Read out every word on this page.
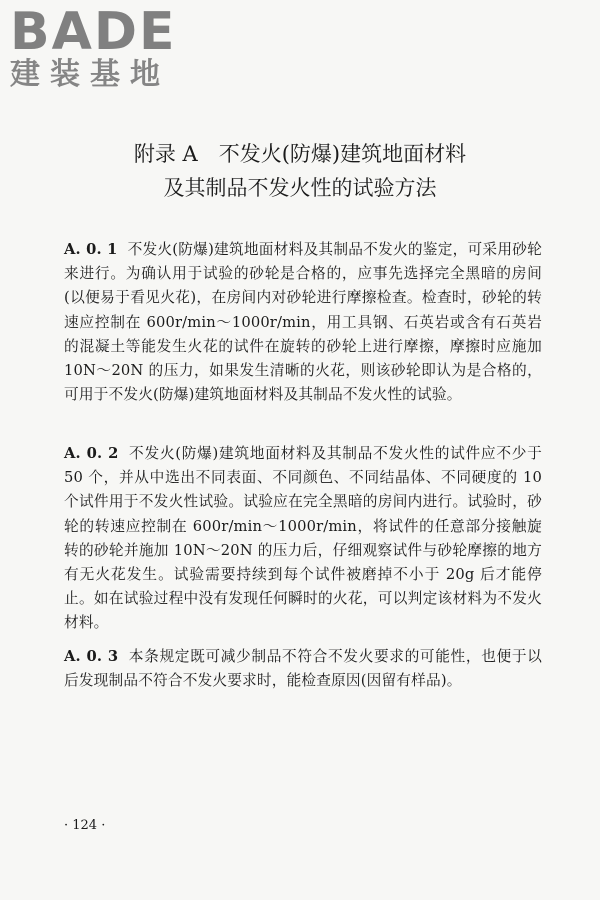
BADE
建装基地
附录 A　不发火(防爆)建筑地面材料
及其制品不发火性的试验方法
A. 0. 1 不发火(防爆)建筑地面材料及其制品不发火的鉴定，可采用砂轮来进行。为确认用于试验的砂轮是合格的，应事先选择完全黑暗的房间(以便易于看见火花)，在房间内对砂轮进行摩擦检查。检查时，砂轮的转速应控制在 600r/min～1000r/min，用工具钢、石英岩或含有石英岩的混凝土等能发生火花的试件在旋转的砂轮上进行摩擦，摩擦时应施加 10N～20N 的压力，如果发生清晰的火花，则该砂轮即认为是合格的，可用于不发火(防爆)建筑地面材料及其制品不发火性的试验。
A. 0. 2 不发火(防爆)建筑地面材料及其制品不发火性的试件应不少于 50 个，并从中选出不同表面、不同颜色、不同结晶体、不同硬度的 10 个试件用于不发火性试验。试验应在完全黑暗的房间内进行。试验时，砂轮的转速应控制在 600r/min～1000r/min，将试件的任意部分接触旋转的砂轮并施加 10N～20N 的压力后，仔细观察试件与砂轮摩擦的地方有无火花发生。试验需要持续到每个试件被磨掉不小于 20g 后才能停止。如在试验过程中没有发现任何瞬时的火花，可以判定该材料为不发火材料。
A. 0. 3 本条规定既可减少制品不符合不发火要求的可能性，也便于以后发现制品不符合不发火要求时，能检查原因(因留有样品)。
· 124 ·
